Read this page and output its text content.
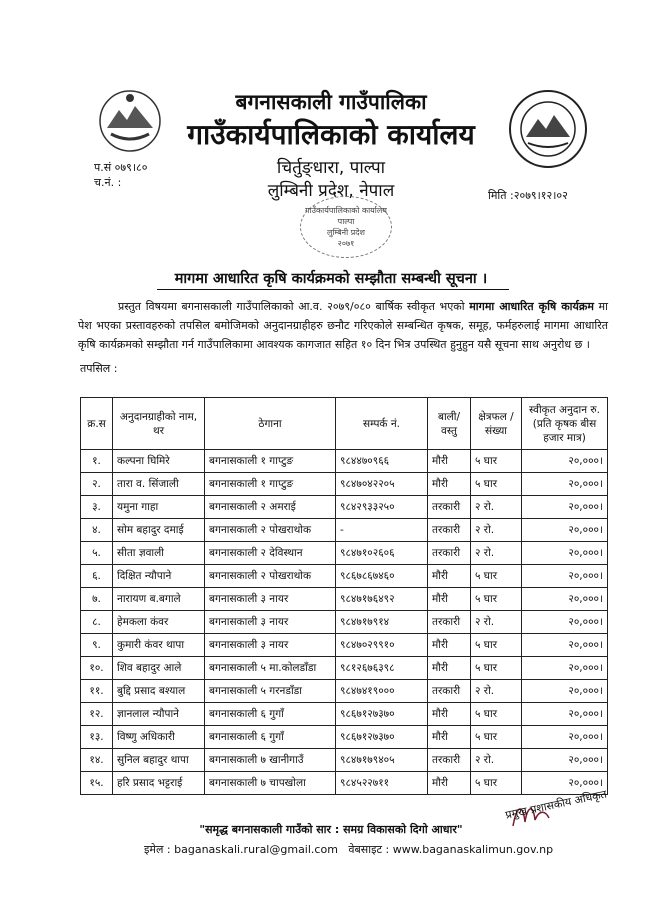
बगनासकाली गाउँपालिका
गाउँकार्यपालिकाको कार्यालय
चिर्तुङ्धारा, पाल्पा
लुम्बिनी प्रदेश, नेपाल
प.सं ०७९।८०
च.नं. :
मिति :२०७९।१२।०२
गाउँकार्यपालिकाको कार्यालय
पाल्पा
लुम्बिनी प्रदेश
२०७१
मागमा आधारित कृषि कार्यक्रमको सम्झौता सम्बन्धी सूचना ।
प्रस्तुत विषयमा बगनासकाली गाउँपालिकाको आ.व. २०७९/०८० बार्षिक स्वीकृत भएको मागमा आधारित कृषि कार्यक्रम मा पेश भएका प्रस्तावहरुको तपसिल बमोजिमको अनुदानग्राहीहरु छनौट गरिएकोले सम्बन्धित कृषक, समूह, फर्महरुलाई मागमा आधारित कृषि कार्यक्रमको सम्झौता गर्न गाउँपालिकामा आवश्यक कागजात सहित १० दिन भित्र उपस्थित हुनुहुन यसै सूचना साथ अनुरोध छ ।
तपसिल :
क्र.स	अनुदानग्राहीको नाम, थर	ठेगाना	सम्पर्क नं.	बाली/ वस्तु	क्षेत्रफल /संख्या	स्वीकृत अनुदान रु. (प्रति कृषक बीस हजार मात्र)
१.	कल्पना घिमिरे	बगनासकाली १ गाप्टुङ	९८४४७०९६६	मौरी	५ घार	२०,०००।
२.	तारा व. सिंजाली	बगनासकाली १ गाप्टुङ	९८४७०४२२०५	मौरी	५ घार	२०,०००।
३.	यमुना गाहा	बगनासकाली २ अमराई	९८४२९३३२५०	तरकारी	२ रो.	२०,०००।
४.	सोम बहादुर दमाई	बगनासकाली २ पोखराथोक	-	तरकारी	२ रो.	२०,०००।
५.	सीता ज्ञवाली	बगनासकाली २ देविस्थान	९८४७१०२६०६	तरकारी	२ रो.	२०,०००।
६.	दिक्षित न्यौपाने	बगनासकाली २ पोखराथोक	९८६७८६७४६०	मौरी	५ घार	२०,०००।
७.	नारायण ब.बगाले	बगनासकाली ३ नायर	९८४७१७६४९२	मौरी	५ घार	२०,०००।
८.	हेमकला कंवर	बगनासकाली ३ नायर	९८४७१७९१४	तरकारी	२ रो.	२०,०००।
९.	कुमारी कंवर थापा	बगनासकाली ३ नायर	९८४७०२९९१०	मौरी	५ घार	२०,०००।
१०.	शिव बहादुर आले	बगनासकाली ५ मा.कोलडाँडा	९८१२६७६३९८	मौरी	५ घार	२०,०००।
११.	बुद्दि प्रसाद बश्याल	बगनासकाली ५ गरनडाँडा	९८४७४१९०००	तरकारी	२ रो.	२०,०००।
१२.	ज्ञानलाल न्यौपाने	बगनासकाली ६ गुगाँ	९८६७१२७३७०	मौरी	५ घार	२०,०००।
१३.	विष्णु अधिकारी	बगनासकाली ६ गुगाँ	९८६७१२७३७०	मौरी	५ घार	२०,०००।
१४.	सुनिल बहादुर थापा	बगनासकाली ७ खानीगाउँ	९८४७१७९४०५	तरकारी	२ रो.	२०,०००।
१५.	हरि प्रसाद भट्टराई	बगनासकाली ७ चापखोला	९८४५२२७११	मौरी	५ घार	२०,०००।
"समृद्ध बगनासकाली गाउँको सार : समग्र विकासको दिगो आधार"
इमेल : baganaskali.rural@gmail.com वेबसाइट : www.baganaskalimun.gov.np
प्रमुख प्रशासकीय अधिकृत
